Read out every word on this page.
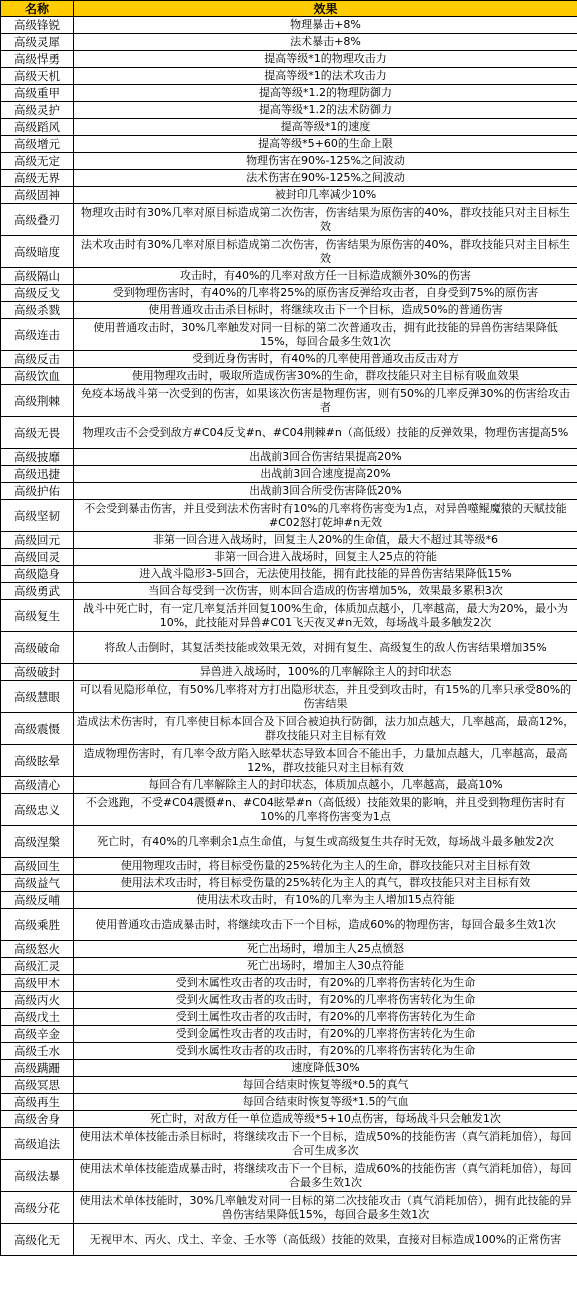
名称	效果
高级锋锐	物理暴击+8%
高级灵犀	法术暴击+8%
高级悍勇	提高等级*1的物理攻击力
高级天机	提高等级*1的法术攻击力
高级重甲	提高等级*1.2的物理防御力
高级灵护	提高等级*1.2的法术防御力
高级蹈风	提高等级*1的速度
高级增元	提高等级*5+60的生命上限
高级无定	物理伤害在90%-125%之间波动
高级无界	法术伤害在90%-125%之间波动
高级固神	被封印几率减少10%
高级叠刃	物理攻击时有30%几率对原目标造成第二次伤害，伤害结果为原伤害的40%，群攻技能只对主目标生效
高级暗度	法术攻击时有30%几率对原目标造成第二次伤害，伤害结果为原伤害的40%，群攻技能只对主目标生效
高级隔山	攻击时，有40%的几率对敌方任一目标造成额外30%的伤害
高级反戈	受到物理伤害时，有40%的几率将25%的原伤害反弹给攻击者，自身受到75%的原伤害
高级杀戮	使用普通攻击击杀目标时，将继续攻击下一个目标，造成50%的普通伤害
高级连击	使用普通攻击时，30%几率触发对同一目标的第二次普通攻击，拥有此技能的异兽伤害结果降低15%，每回合最多生效1次
高级反击	受到近身伤害时，有40%的几率使用普通攻击反击对方
高级饮血	使用物理攻击时，吸取所造成伤害30%的生命，群攻技能只对主目标有吸血效果
高级荆棘	免疫本场战斗第一次受到的伤害，如果该次伤害是物理伤害，则有50%的几率反弹30%的伤害给攻击者
高级无畏	物理攻击不会受到敌方#C04反戈#n、#C04荆棘#n（高低级）技能的反弹效果，物理伤害提高5%
高级披靡	出战前3回合伤害结果提高20%
高级迅捷	出战前3回合速度提高20%
高级护佑	出战前3回合所受伤害降低20%
高级坚韧	不会受到暴击伤害，并且受到法术伤害时有10%的几率将伤害变为1点，对异兽噬鲲魔猿的天赋技能#C02怒打乾坤#n无效
高级回元	非第一回合进入战场时，回复主人20%的生命值，最大不超过其等级*6
高级回灵	非第一回合进入战场时，回复主人25点的符能
高级隐身	进入战斗隐形3-5回合，无法使用技能，拥有此技能的异兽伤害结果降低15%
高级勇武	当回合每受到一次伤害，则本回合造成的伤害增加5%，效果最多累积3次
高级复生	战斗中死亡时，有一定几率复活并回复100%生命，体质加点越小，几率越高，最大为20%，最小为10%，此技能对异兽#C01飞天夜叉#n无效，每场战斗最多触发2次
高级破命	将敌人击倒时，其复活类技能或效果无效，对拥有复生、高级复生的敌人伤害结果增加35%
高级破封	异兽进入战场时，100%的几率解除主人的封印状态
高级慧眼	可以看见隐形单位，有50%几率将对方打出隐形状态，并且受到攻击时，有15%的几率只承受80%的伤害结果
高级震慑	造成法术伤害时，有几率使目标本回合及下回合被迫执行防御，法力加点越大，几率越高，最高12%，群攻技能只对主目标有效
高级眩晕	造成物理伤害时，有几率令敌方陷入眩晕状态导致本回合不能出手，力量加点越大，几率越高，最高12%，群攻技能只对主目标有效
高级清心	每回合有几率解除主人的封印状态，体质加点越小，几率越高，最高10%
高级忠义	不会逃跑，不受#C04震慑#n、#C04眩晕#n（高低级）技能效果的影响，并且受到物理伤害时有10%的几率将伤害变为1点
高级涅槃	死亡时，有40%的几率剩余1点生命值，与复生或高级复生共存时无效，每场战斗最多触发2次
高级回生	使用物理攻击时，将目标受伤量的25%转化为主人的生命，群攻技能只对主目标有效
高级益气	使用法术攻击时，将目标受伤量的25%转化为主人的真气，群攻技能只对主目标有效
高级反哺	使用法术攻击时，有10%的几率为主人增加15点符能
高级乘胜	使用普通攻击造成暴击时，将继续攻击下一个目标，造成60%的物理伤害，每回合最多生效1次
高级怒火	死亡出场时，增加主人25点愤怒
高级汇灵	死亡出场时，增加主人30点符能
高级甲木	受到木属性攻击者的攻击时，有20%的几率将伤害转化为生命
高级丙火	受到火属性攻击者的攻击时，有20%的几率将伤害转化为生命
高级戊土	受到土属性攻击者的攻击时，有20%的几率将伤害转化为生命
高级辛金	受到金属性攻击者的攻击时，有20%的几率将伤害转化为生命
高级壬水	受到水属性攻击者的攻击时，有20%的几率将伤害转化为生命
高级蹒跚	速度降低30%
高级冥思	每回合结束时恢复等级*0.5的真气
高级再生	每回合结束时恢复等级*1.5的气血
高级舍身	死亡时，对敌方任一单位造成等级*5+10点伤害，每场战斗只会触发1次
高级追法	使用法术单体技能击杀目标时，将继续攻击下一个目标，造成50%的技能伤害（真气消耗加倍），每回合可生成多次
高级法暴	使用法术单体技能造成暴击时，将继续攻击下一个目标，造成60%的技能伤害（真气消耗加倍），每回合最多生效1次
高级分花	使用法术单体技能时，30%几率触发对同一目标的第二次技能攻击（真气消耗加倍），拥有此技能的异兽伤害结果降低15%，每回合最多生效1次
高级化无	无视甲木、丙火、戊土、辛金、壬水等（高低级）技能的效果，直接对目标造成100%的正常伤害
